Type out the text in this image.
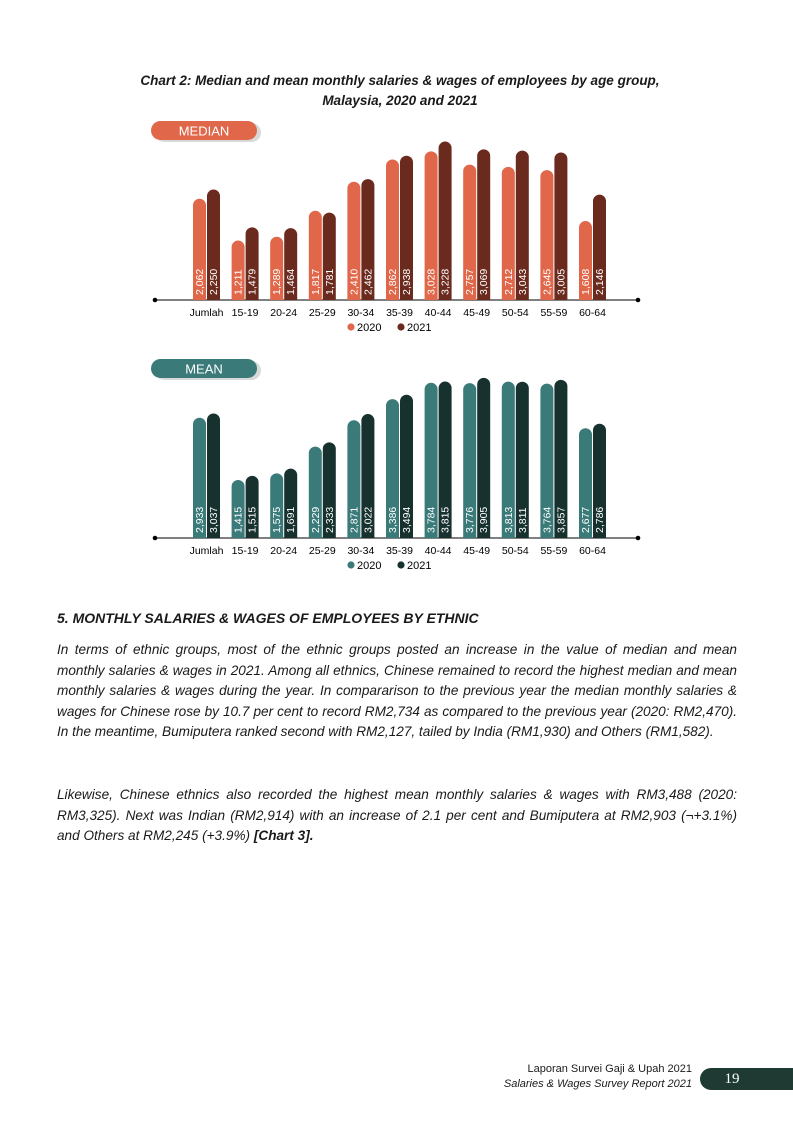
Chart 2: Median and mean monthly salaries & wages of employees by age group,
Malaysia, 2020 and 2021
MEDIAN
2,062 2,250
Jumlah
1,211 1,479
15-19
1,289 1,464
20-24
1,817 1,781
25-29
2,410 2,462
30-34
2,862 2,938
35-39
3,028 3,228
40-44
2,757 3,069
45-49
2,712 3,043
50-54
2,645 3,005
55-59
1,608 2,146
60-64
2020 2021
MEAN
2,933 3,037
Jumlah
1,415 1,515
15-19
1,575 1,691
20-24
2,229 2,333
25-29
2,871 3,022
30-34
3,386 3,494
35-39
3,784 3,815
40-44
3,776 3,905
45-49
3,813 3,811
50-54
3,764 3,857
55-59
2,677 2,786
60-64
2020 2021
5. MONTHLY SALARIES & WAGES OF EMPLOYEES BY ETHNIC

In terms of ethnic groups, most of the ethnic groups posted an increase in the value of median and mean monthly salaries & wages in 2021. Among all ethnics, Chinese remained to record the highest median and mean monthly salaries & wages during the year. In compararison to the previous year the median monthly salaries & wages for Chinese rose by 10.7 per cent to record RM2,734 as compared to the previous year (2020: RM2,470). In the meantime, Bumiputera ranked second with RM2,127, tailed by India (RM1,930) and Others (RM1,582).

Likewise, Chinese ethnics also recorded the highest mean monthly salaries & wages with RM3,488 (2020: RM3,325). Next was Indian (RM2,914) with an increase of 2.1 per cent and Bumiputera at RM2,903 (¬+3.1%) and Others at RM2,245 (+3.9%) [Chart 3].

Laporan Survei Gaji & Upah 2021
Salaries & Wages Survey Report 2021	19
